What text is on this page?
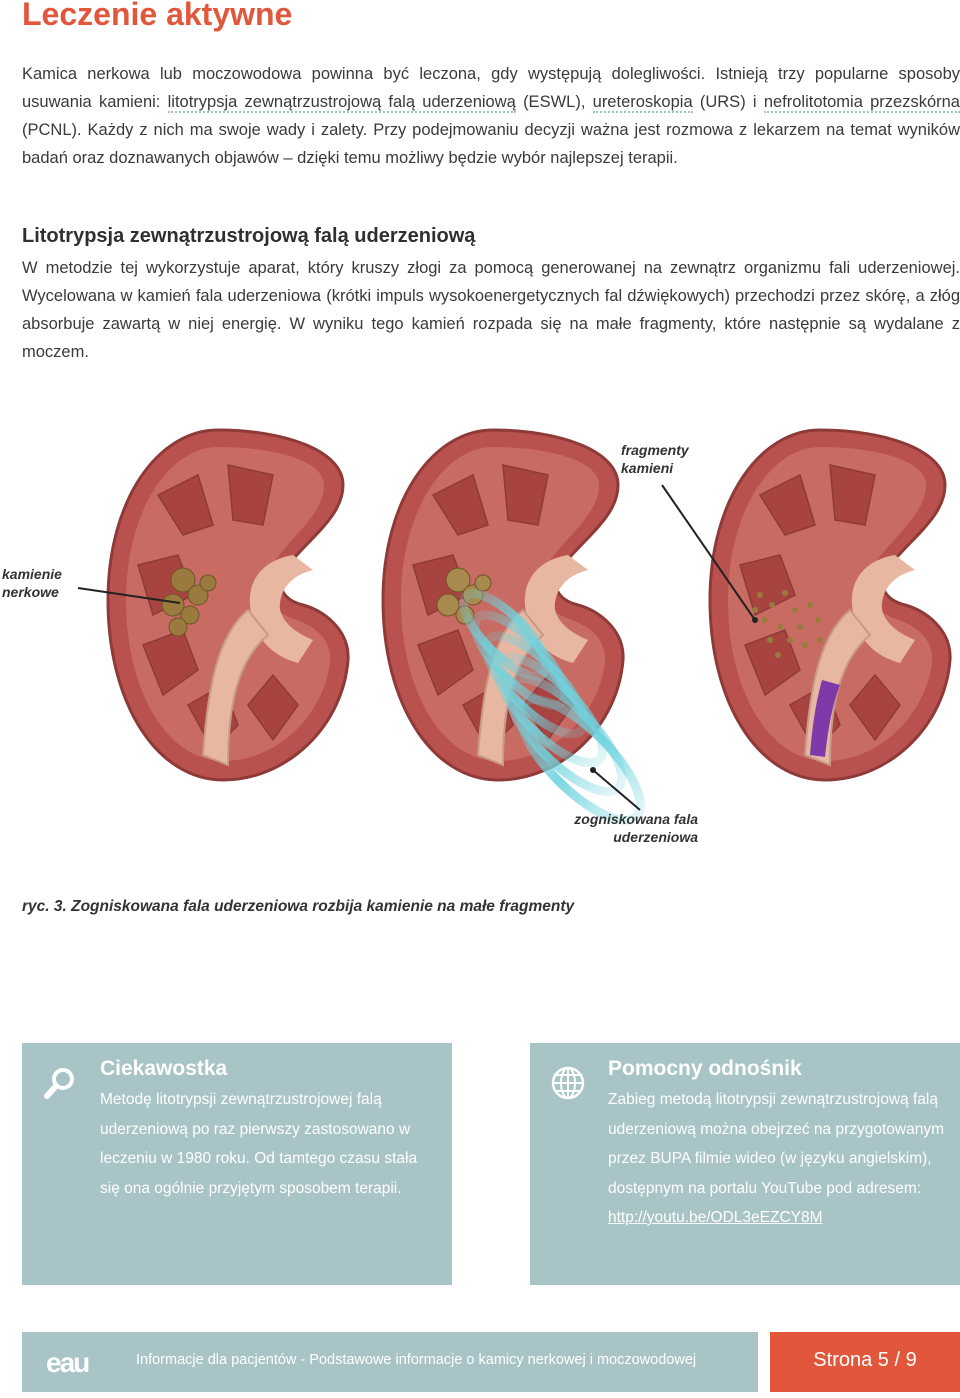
Leczenie aktywne

Kamica nerkowa lub moczowodowa powinna być leczona, gdy występują dolegliwości. Istnieją trzy popularne sposoby usuwania kamieni: litotrypsja zewnątrzustrojową falą uderzeniową (ESWL), ureteroskopia (URS) i nefrolitotomia przezskórna (PCNL). Każdy z nich ma swoje wady i zalety. Przy podejmowaniu decyzji ważna jest rozmowa z lekarzem na temat wyników badań oraz doznawanych objawów – dzięki temu możliwy będzie wybór najlepszej terapii.

Litotrypsja zewnątrzustrojową falą uderzeniową

W metodzie tej wykorzystuje aparat, który kruszy złogi za pomocą generowanej na zewnątrz organizmu fali uderzeniowej. Wycelowana w kamień fala uderzeniowa (krótki impuls wysokoenergetycznych fal dźwiękowych) przechodzi przez skórę, a złóg absorbuje zawartą w niej energię. W wyniku tego kamień rozpada się na małe fragmenty, które następnie są wydalane z moczem.

kamienie
nerkowe
fragmenty
kamieni
zogniskowana fala
uderzeniowa

ryc. 3. Zogniskowana fala uderzeniowa rozbija kamienie na małe fragmenty

Ciekawostka

Metodę litotrypsji zewnątrzustrojowej falą uderzeniową po raz pierwszy zastosowano w leczeniu w 1980 roku. Od tamtego czasu stała się ona ogólnie przyjętym sposobem terapii.

Pomocny odnośnik

Zabieg metodą litotrypsji zewnątrzustrojową falą uderzeniową można obejrzeć na przygotowanym przez BUPA filmie wideo (w języku angielskim), dostępnym na portalu YouTube pod adresem:
http://youtu.be/ODL3eEZCY8M

eau	Informacje dla pacjentów - Podstawowe informacje o kamicy nerkowej i moczowodowej	Strona 5 / 9
